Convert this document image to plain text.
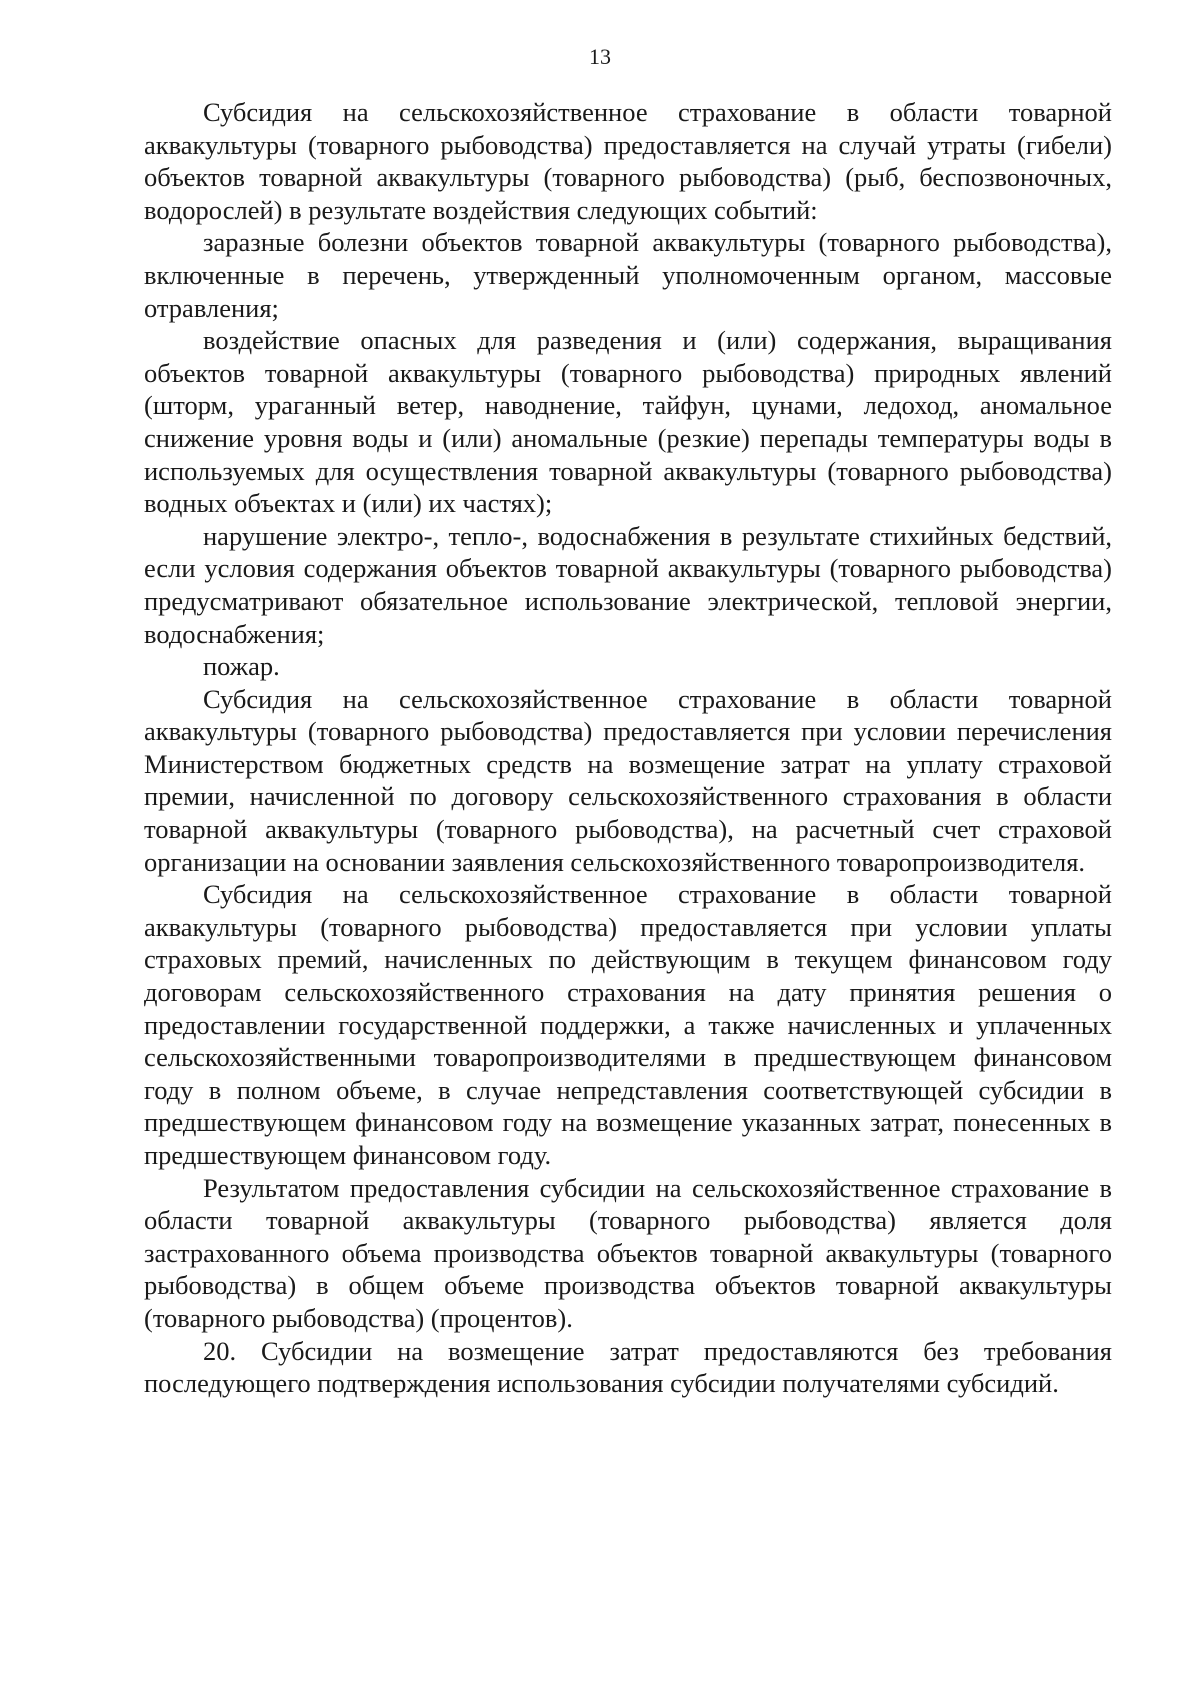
13

Субсидия на сельскохозяйственное страхование в области товарной аквакультуры (товарного рыбоводства) предоставляется на случай утраты (гибели) объектов товарной аквакультуры (товарного рыбоводства) (рыб, беспозвоночных, водорослей) в результате воздействия следующих событий:

заразные болезни объектов товарной аквакультуры (товарного рыбоводства), включенные в перечень, утвержденный уполномоченным органом, массовые отравления;

воздействие опасных для разведения и (или) содержания, выращивания объектов товарной аквакультуры (товарного рыбоводства) природных явлений (шторм, ураганный ветер, наводнение, тайфун, цунами, ледоход, аномальное снижение уровня воды и (или) аномальные (резкие) перепады температуры воды в используемых для осуществления товарной аквакультуры (товарного рыбоводства) водных объектах и (или) их частях);

нарушение электро-, тепло-, водоснабжения в результате стихийных бедствий, если условия содержания объектов товарной аквакультуры (товарного рыбоводства) предусматривают обязательное использование электрической, тепловой энергии, водоснабжения;

пожар.

Субсидия на сельскохозяйственное страхование в области товарной аквакультуры (товарного рыбоводства) предоставляется при условии перечисления Министерством бюджетных средств на возмещение затрат на уплату страховой премии, начисленной по договору сельскохозяйственного страхования в области товарной аквакультуры (товарного рыбоводства), на расчетный счет страховой организации на основании заявления сельскохозяйственного товаропроизводителя.

Субсидия на сельскохозяйственное страхование в области товарной аквакультуры (товарного рыбоводства) предоставляется при условии уплаты страховых премий, начисленных по действующим в текущем финансовом году договорам сельскохозяйственного страхования на дату принятия решения о предоставлении государственной поддержки, а также начисленных и уплаченных сельскохозяйственными товаропроизводителями в предшествующем финансовом году в полном объеме, в случае непредставления соответствующей субсидии в предшествующем финансовом году на возмещение указанных затрат, понесенных в предшествующем финансовом году.

Результатом предоставления субсидии на сельскохозяйственное страхование в области товарной аквакультуры (товарного рыбоводства) является доля застрахованного объема производства объектов товарной аквакультуры (товарного рыбоводства) в общем объеме производства объектов товарной аквакультуры (товарного рыбоводства) (процентов).

20. Субсидии на возмещение затрат предоставляются без требования последующего подтверждения использования субсидии получателями субсидий.
